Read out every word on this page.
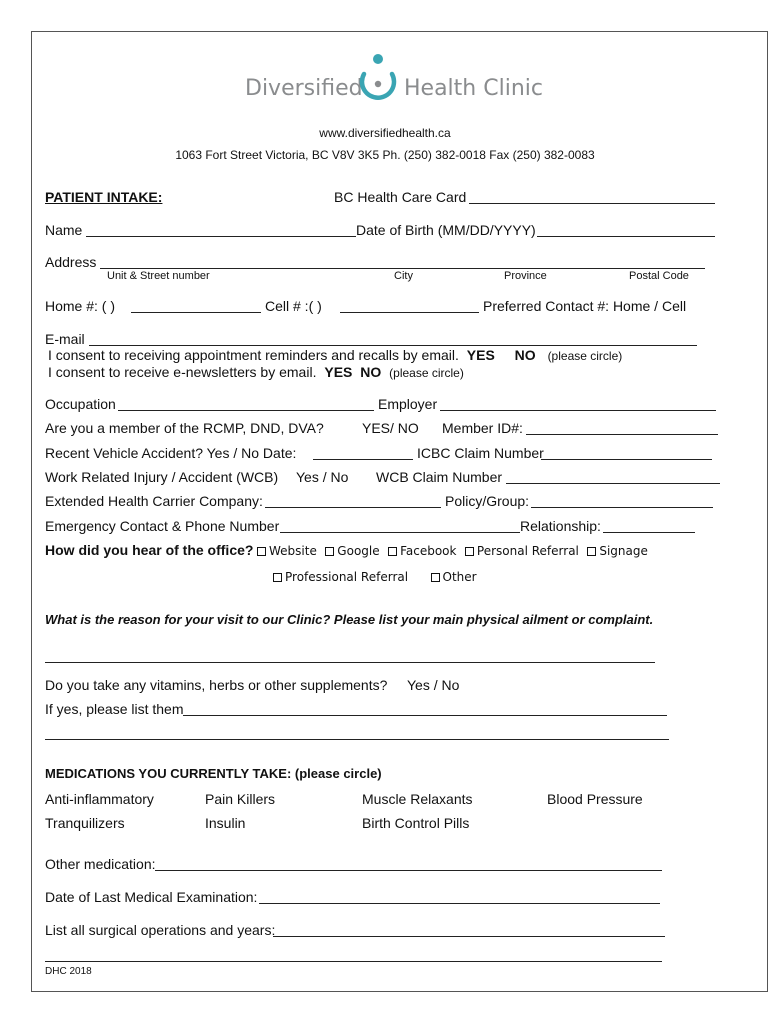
Diversified Health Clinic
www.diversifiedhealth.ca
1063 Fort Street Victoria, BC V8V 3K5 Ph. (250) 382-0018 Fax (250) 382-0083
PATIENT INTAKE:	BC Health Care Card
Name	Date of Birth (MM/DD/YYYY)
Address
Unit & Street number	City	Province	Postal Code
Home #: ( )	Cell # :( )	Preferred Contact #: Home / Cell
E-mail
I consent to receiving appointment reminders and recalls by email. YES NO (please circle)
I consent to receive e-newsletters by email. YES NO (please circle)
Occupation	Employer
Are you a member of the RCMP, DND, DVA?	YES/ NO Member ID#:
Recent Vehicle Accident? Yes / No Date:	ICBC Claim Number
Work Related Injury / Accident (WCB) Yes / No WCB Claim Number
Extended Health Carrier Company:	Policy/Group:
Emergency Contact & Phone Number	Relationship:
How did you hear of the office?	Website Google Facebook Personal Referral Signage
Professional Referral	Other
What is the reason for your visit to our Clinic? Please list your main physical ailment or complaint.
Do you take any vitamins, herbs or other supplements? Yes / No
If yes, please list them
MEDICATIONS YOU CURRENTLY TAKE: (please circle)
Anti-inflammatory	Pain Killers	Muscle Relaxants	Blood Pressure
Tranquilizers	Insulin	Birth Control Pills
Other medication:
Date of Last Medical Examination:
List all surgical operations and years:
DHC 2018
